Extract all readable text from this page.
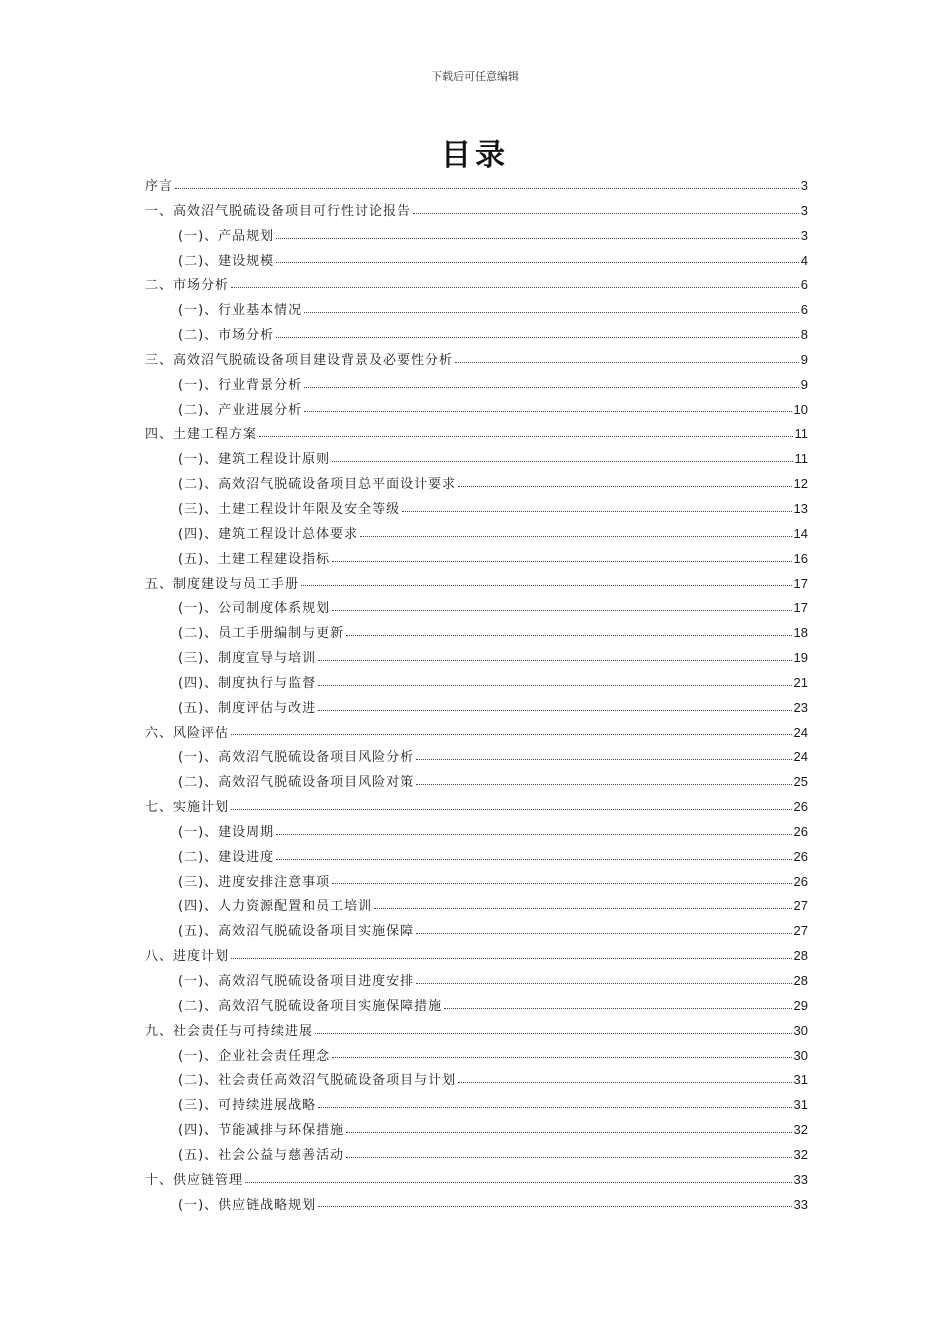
下载后可任意编辑
目录
序言	3
一、高效沼气脱硫设备项目可行性讨论报告	3
(一)、产品规划	3
(二)、建设规模	4
二、市场分析	6
(一)、行业基本情况	6
(二)、市场分析	8
三、高效沼气脱硫设备项目建设背景及必要性分析	9
(一)、行业背景分析	9
(二)、产业进展分析	10
四、土建工程方案	11
(一)、建筑工程设计原则	11
(二)、高效沼气脱硫设备项目总平面设计要求	12
(三)、土建工程设计年限及安全等级	13
(四)、建筑工程设计总体要求	14
(五)、土建工程建设指标	16
五、制度建设与员工手册	17
(一)、公司制度体系规划	17
(二)、员工手册编制与更新	18
(三)、制度宣导与培训	19
(四)、制度执行与监督	21
(五)、制度评估与改进	23
六、风险评估	24
(一)、高效沼气脱硫设备项目风险分析	24
(二)、高效沼气脱硫设备项目风险对策	25
七、实施计划	26
(一)、建设周期	26
(二)、建设进度	26
(三)、进度安排注意事项	26
(四)、人力资源配置和员工培训	27
(五)、高效沼气脱硫设备项目实施保障	27
八、进度计划	28
(一)、高效沼气脱硫设备项目进度安排	28
(二)、高效沼气脱硫设备项目实施保障措施	29
九、社会责任与可持续进展	30
(一)、企业社会责任理念	30
(二)、社会责任高效沼气脱硫设备项目与计划	31
(三)、可持续进展战略	31
(四)、节能减排与环保措施	32
(五)、社会公益与慈善活动	32
十、供应链管理	33
(一)、供应链战略规划	33
